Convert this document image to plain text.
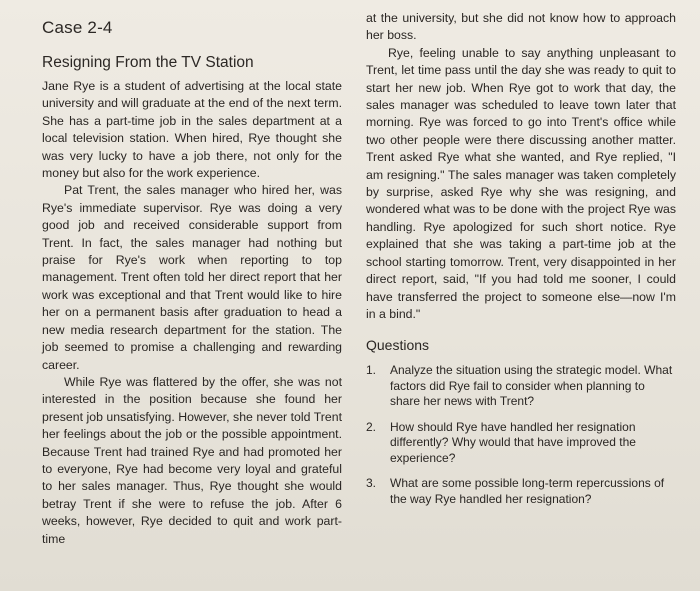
Case 2-4
Resigning From the TV Station

Jane Rye is a student of advertising at the local state university and will graduate at the end of the next term. She has a part-time job in the sales department at a local television station. When hired, Rye thought she was very lucky to have a job there, not only for the money but also for the work experience.

Pat Trent, the sales manager who hired her, was Rye's immediate supervisor. Rye was doing a very good job and received considerable support from Trent. In fact, the sales manager had nothing but praise for Rye's work when reporting to top management. Trent often told her direct report that her work was exceptional and that Trent would like to hire her on a permanent basis after graduation to head a new media research department for the station. The job seemed to promise a challenging and rewarding career.

While Rye was flattered by the offer, she was not interested in the position because she found her present job unsatisfying. However, she never told Trent her feelings about the job or the possible appointment. Because Trent had trained Rye and had promoted her to everyone, Rye had become very loyal and grateful to her sales manager. Thus, Rye thought she would betray Trent if she were to refuse the job. After 6 weeks, however, Rye decided to quit and work part-time

at the university, but she did not know how to approach her boss.

Rye, feeling unable to say anything unpleasant to Trent, let time pass until the day she was ready to quit to start her new job. When Rye got to work that day, the sales manager was scheduled to leave town later that morning. Rye was forced to go into Trent's office while two other people were there discussing another matter. Trent asked Rye what she wanted, and Rye replied, "I am resigning." The sales manager was taken completely by surprise, asked Rye why she was resigning, and wondered what was to be done with the project Rye was handling. Rye apologized for such short notice. Rye explained that she was taking a part-time job at the school starting tomorrow. Trent, very disappointed in her direct report, said, "If you had told me sooner, I could have transferred the project to someone else—now I'm in a bind."

Questions
1. Analyze the situation using the strategic model. What factors did Rye fail to consider when planning to share her news with Trent?
2. How should Rye have handled her resignation differently? Why would that have improved the experience?
3. What are some possible long-term repercussions of the way Rye handled her resignation?
